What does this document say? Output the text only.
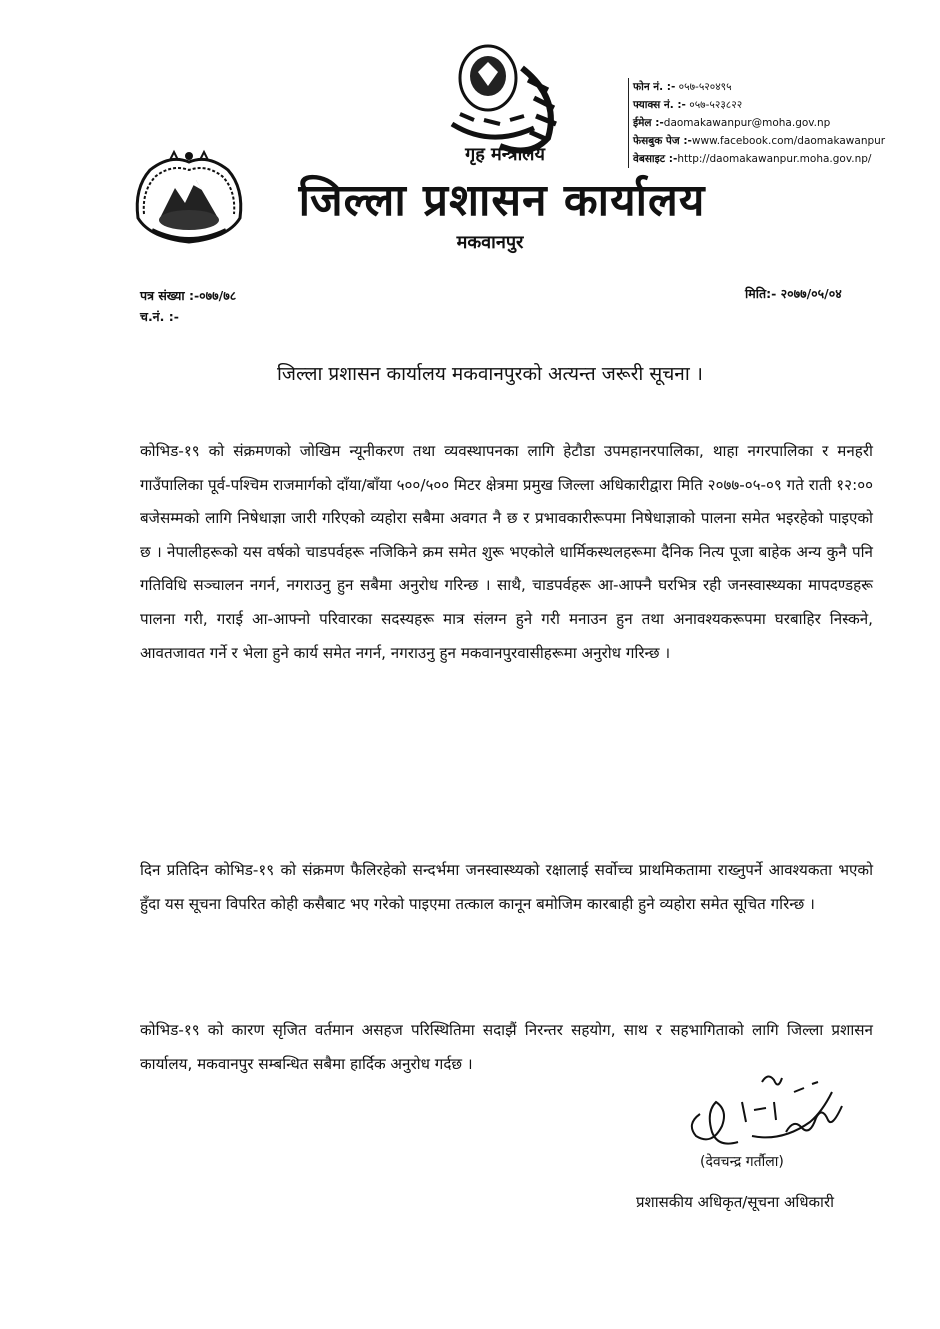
गृह मन्त्रालय
जिल्ला प्रशासन कार्यालय
मकवानपुर
फोन नं. :- ०५७-५२०४९५
फ्याक्स नं. :- ०५७-५२३८२२
ईमेल :-daomakawanpur@moha.gov.np
फेसबुक पेज :-www.facebook.com/daomakawanpur
वेबसाइट :-http://daomakawanpur.moha.gov.np/
पत्र संख्या :-०७७/७८
च.नं. :-
मिति:- २०७७/०५/०४
जिल्ला प्रशासन कार्यालय मकवानपुरको अत्यन्त जरूरी सूचना ।
कोभिड-१९ को संक्रमणको जोखिम न्यूनीकरण तथा व्यवस्थापनका लागि हेटौडा उपमहानरपालिका, थाहा नगरपालिका र मनहरी गाउँपालिका पूर्व-पश्चिम राजमार्गको दाँया/बाँया ५००/५०० मिटर क्षेत्रमा प्रमुख जिल्ला अधिकारीद्वारा मिति २०७७-०५-०९ गते राती १२:०० बजेसम्मको लागि निषेधाज्ञा जारी गरिएको व्यहोरा सबैमा अवगत नै छ र प्रभावकारीरूपमा निषेधाज्ञाको पालना समेत भइरहेको पाइएको छ । नेपालीहरूको यस वर्षको चाडपर्वहरू नजिकिने क्रम समेत शुरू भएकोले धार्मिकस्थलहरूमा दैनिक नित्य पूजा बाहेक अन्य कुनै पनि गतिविधि सञ्चालन नगर्न, नगराउनु हुन सबैमा अनुरोध गरिन्छ । साथै, चाडपर्वहरू आ-आफ्नै घरभित्र रही जनस्वास्थ्यका मापदण्डहरू पालना गरी, गराई आ-आफ्नो परिवारका सदस्यहरू मात्र संलग्न हुने गरी मनाउन हुन तथा अनावश्यकरूपमा घरबाहिर निस्कने, आवतजावत गर्ने र भेला हुने कार्य समेत नगर्न, नगराउनु हुन मकवानपुरवासीहरूमा अनुरोध गरिन्छ ।
दिन प्रतिदिन कोभिड-१९ को संक्रमण फैलिरहेको सन्दर्भमा जनस्वास्थ्यको रक्षालाई सर्वोच्च प्राथमिकतामा राख्नुपर्ने आवश्यकता भएको हुँदा यस सूचना विपरित कोही कसैबाट भए गरेको पाइएमा तत्काल कानून बमोजिम कारबाही हुने व्यहोरा समेत सूचित गरिन्छ ।
कोभिड-१९ को कारण सृजित वर्तमान असहज परिस्थितिमा सदाझैं निरन्तर सहयोग, साथ र सहभागिताको लागि जिल्ला प्रशासन कार्यालय, मकवानपुर सम्बन्धित सबैमा हार्दिक अनुरोध गर्दछ ।
(देवचन्द्र गर्तौला)
प्रशासकीय अधिकृत/सूचना अधिकारी
